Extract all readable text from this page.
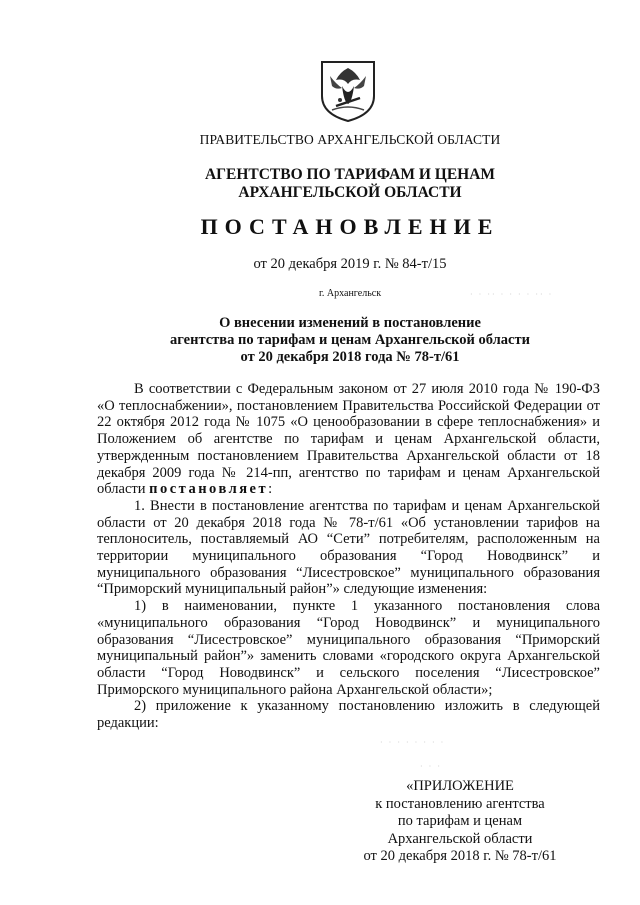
ПРАВИТЕЛЬСТВО АРХАНГЕЛЬСКОЙ ОБЛАСТИ
АГЕНТСТВО ПО ТАРИФАМ И ЦЕНАМ
АРХАНГЕЛЬСКОЙ ОБЛАСТИ
ПОСТАНОВЛЕНИЕ
от 20 декабря 2019 г. № 84-т/15
г. Архангельск
О внесении изменений в постановление
агентства по тарифам и ценам Архангельской области
от 20 декабря 2018 года № 78-т/61

В соответствии с Федеральным законом от 27 июля 2010 года № 190-ФЗ «О теплоснабжении», постановлением Правительства Российской Федерации от 22 октября 2012 года № 1075 «О ценообразовании в сфере теплоснабжения» и Положением об агентстве по тарифам и ценам Архангельской области, утвержденным постановлением Правительства Архангельской области от 18 декабря 2009 года № 214-пп, агентство по тарифам и ценам Архангельской области постановляет:

1. Внести в постановление агентства по тарифам и ценам Архангельской области от 20 декабря 2018 года № 78-т/61 «Об установлении тарифов на теплоноситель, поставляемый АО “Сети” потребителям, расположенным на территории муниципального образования “Город Новодвинск” и муниципального образования “Лисестровское” муниципального образования “Приморский муниципальный район”» следующие изменения:

1) в наименовании, пункте 1 указанного постановления слова «муниципального образования “Город Новодвинск” и муниципального образования “Лисестровское” муниципального образования “Приморский муниципальный район”» заменить словами «городского округа Архангельской области “Город Новодвинск” и сельского поселения “Лисестровское” Приморского муниципального района Архангельской области»;

2) приложение к указанному постановлению изложить в следующей редакции:

«ПРИЛОЖЕНИЕ
к постановлению агентства
по тарифам и ценам
Архангельской области
от 20 декабря 2018 г. № 78-т/61
· · ·· · · · · ·· ·
· · · · · · · ·
· · ·
